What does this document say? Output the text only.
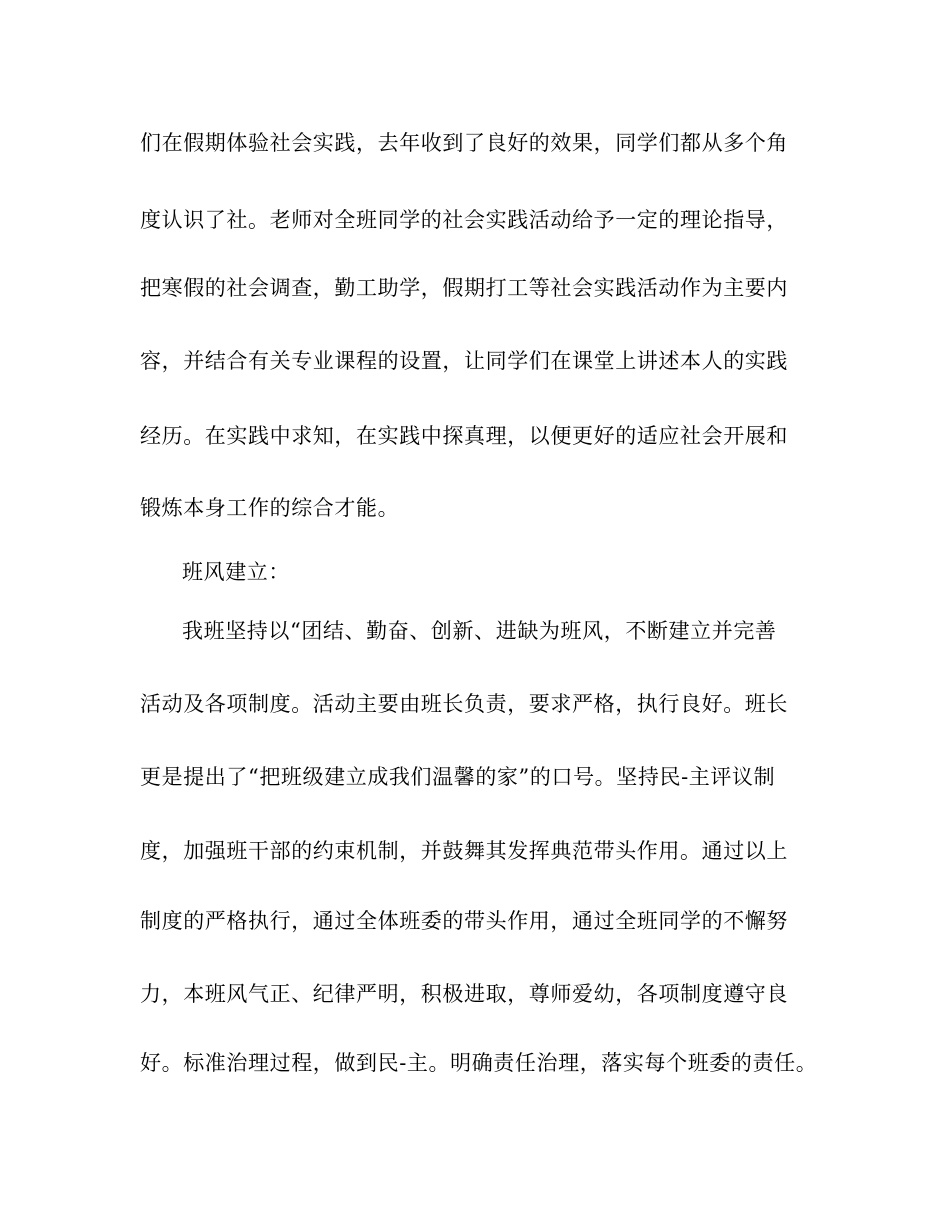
们在假期体验社会实践，去年收到了良好的效果，同学们都从多个角
度认识了社。老师对全班同学的社会实践活动给予一定的理论指导，
把寒假的社会调查，勤工助学，假期打工等社会实践活动作为主要内
容，并结合有关专业课程的设置，让同学们在课堂上讲述本人的实践
经历。在实践中求知，在实践中探真理，以便更好的适应社会开展和
锻炼本身工作的综合才能。
班风建立：
我班坚持以“团结、勤奋、创新、进缺为班风，不断建立并完善
活动及各项制度。活动主要由班长负责，要求严格，执行良好。班长
更是提出了“把班级建立成我们温馨的家”的口号。坚持民-主评议制
度，加强班干部的约束机制，并鼓舞其发挥典范带头作用。通过以上
制度的严格执行，通过全体班委的带头作用，通过全班同学的不懈努
力，本班风气正、纪律严明，积极进取，尊师爱幼，各项制度遵守良
好。标准治理过程，做到民-主。明确责任治理，落实每个班委的责任。
